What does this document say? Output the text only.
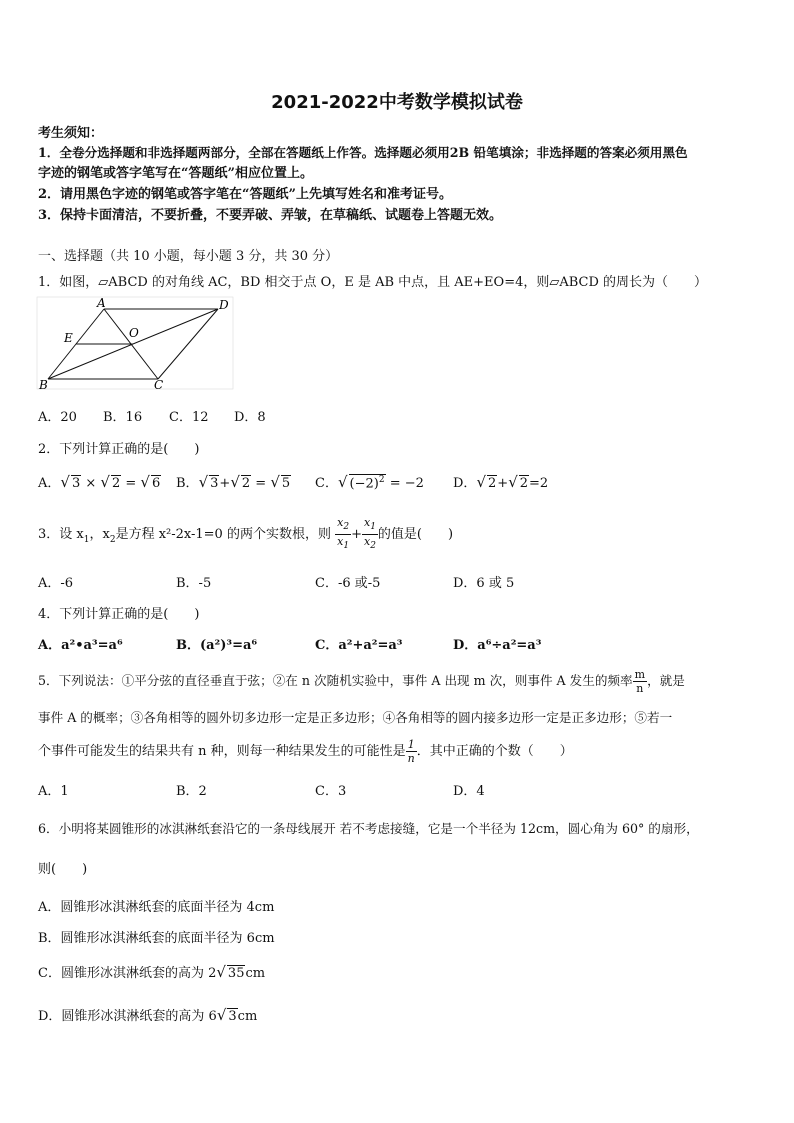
2021-2022中考数学模拟试卷
考生须知：
1．全卷分选择题和非选择题两部分，全部在答题纸上作答。选择题必须用2B 铅笔填涂；非选择题的答案必须用黑色
字迹的钢笔或答字笔写在“答题纸”相应位置上。
2．请用黑色字迹的钢笔或答字笔在“答题纸”上先填写姓名和准考证号。
3．保持卡面清洁，不要折叠，不要弄破、弄皱，在草稿纸、试题卷上答题无效。
一、选择题（共 10 小题，每小题 3 分，共 30 分）
1．如图，▱ABCD 的对角线 AC，BD 相交于点 O，E 是 AB 中点，且 AE+EO=4，则▱ABCD 的周长为（　　）
A	D
E	O
B	C
A．20 B．16 C．12 D．8
2．下列计算正确的是(　　)
A．√ 3 × √ 2 = √ 6 B．√ 3+√ 2 = √ 5 C．√ $(-2)^2 = -2$ D．√ 2+√ 2=2
3．设 $x_1$，$x_2$是方程 x²-2x-1=0 的两个实数根，则 $\frac{x_2}{x_1} + \frac{x_1}{x_2}$ 的值是(　　)
A．-6	B．-5	C．-6 或-5	D．6 或 5
4．下列计算正确的是(　　)
A．a²•a³=a⁶	B．(a²)³=a⁶	C．a²+a²=a³	D．a⁶÷a²=a³
5．下列说法：①平分弦的直径垂直于弦；②在 n 次随机实验中，事件 A 出现 m 次，则事件 A 发生的频率 $\frac{m}{n}$ ，就是
事件 A 的概率；③各角相等的圆外切多边形一定是正多边形；④各角相等的圆内接多边形一定是正多边形；⑤若一
个事件可能发生的结果共有 n 种，则每一种结果发生的可能性是 $\frac{1}{n}$ ．其中正确的个数（　　）
A．1	B．2	C．3	D．4
6．小明将某圆锥形的冰淇淋纸套沿它的一条母线展开 若不考虑接缝，它是一个半径为 12cm，圆心角为 60° 的扇形，
则(　　)
A．圆锥形冰淇淋纸套的底面半径为 4cm
B．圆锥形冰淇淋纸套的底面半径为 6cm
C．圆锥形冰淇淋纸套的高为 2√ 35cm
D．圆锥形冰淇淋纸套的高为 6√ 3cm
